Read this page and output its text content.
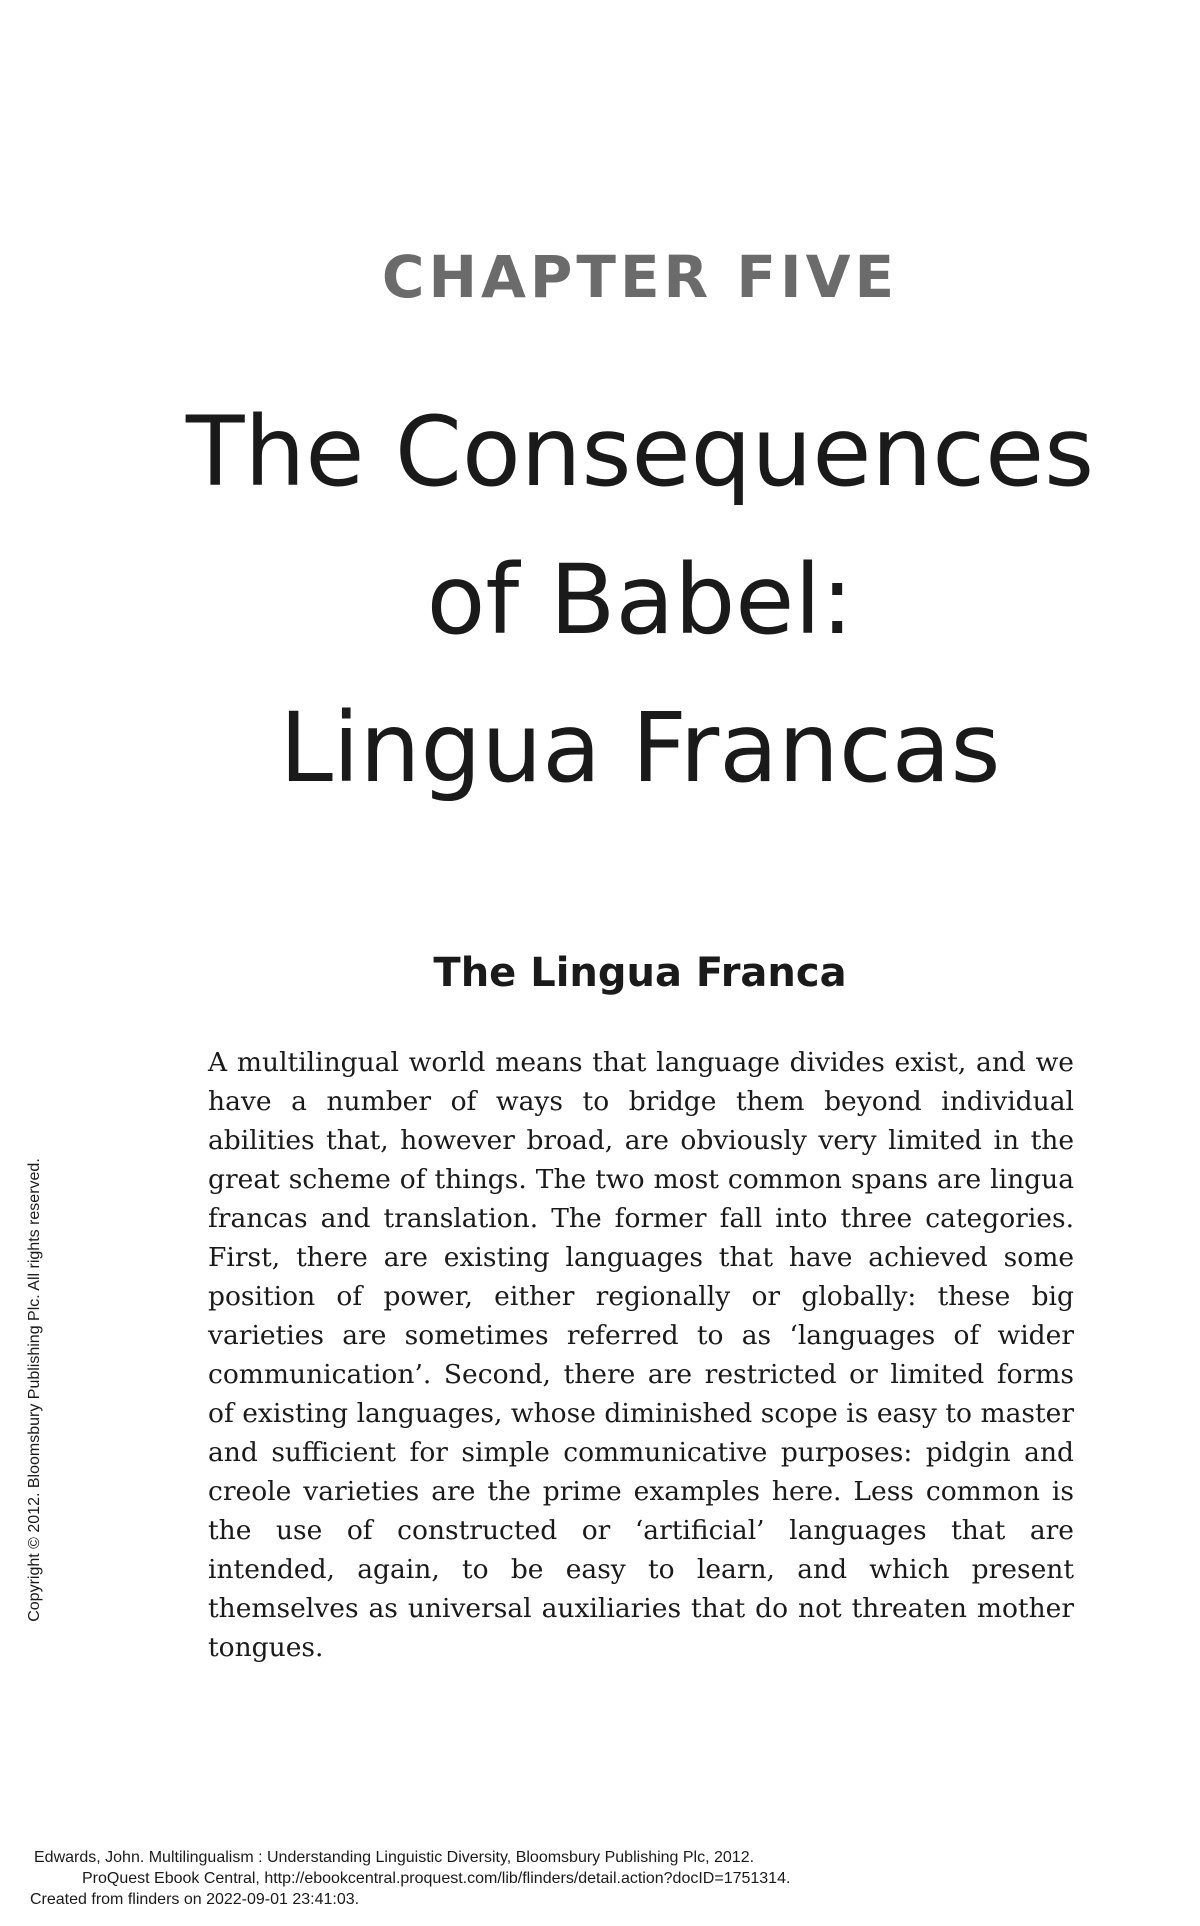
CHAPTER FIVE
The Consequences
of Babel:
Lingua Francas
The Lingua Franca

A multilingual world means that language divides exist, and we have a number of ways to bridge them beyond individual abilities that, however broad, are obviously very limited in the great scheme of things. The two most common spans are lingua francas and translation. The former fall into three categories. First, there are existing languages that have achieved some position of power, either regionally or globally: these big varieties are sometimes referred to as ‘languages of wider communication’. Second, there are restricted or limited forms of existing languages, whose diminished scope is easy to master and sufficient for simple communicative purposes: pidgin and creole varieties are the prime examples here. Less common is the use of constructed or ‘artificial’ languages that are intended, again, to be easy to learn, and which present themselves as universal auxiliaries that do not threaten mother tongues.

Copyright © 2012. Bloomsbury Publishing Plc. All rights reserved.
Edwards, John. Multilingualism : Understanding Linguistic Diversity, Bloomsbury Publishing Plc, 2012.
ProQuest Ebook Central, http://ebookcentral.proquest.com/lib/flinders/detail.action?docID=1751314.
Created from flinders on 2022-09-01 23:41:03.
